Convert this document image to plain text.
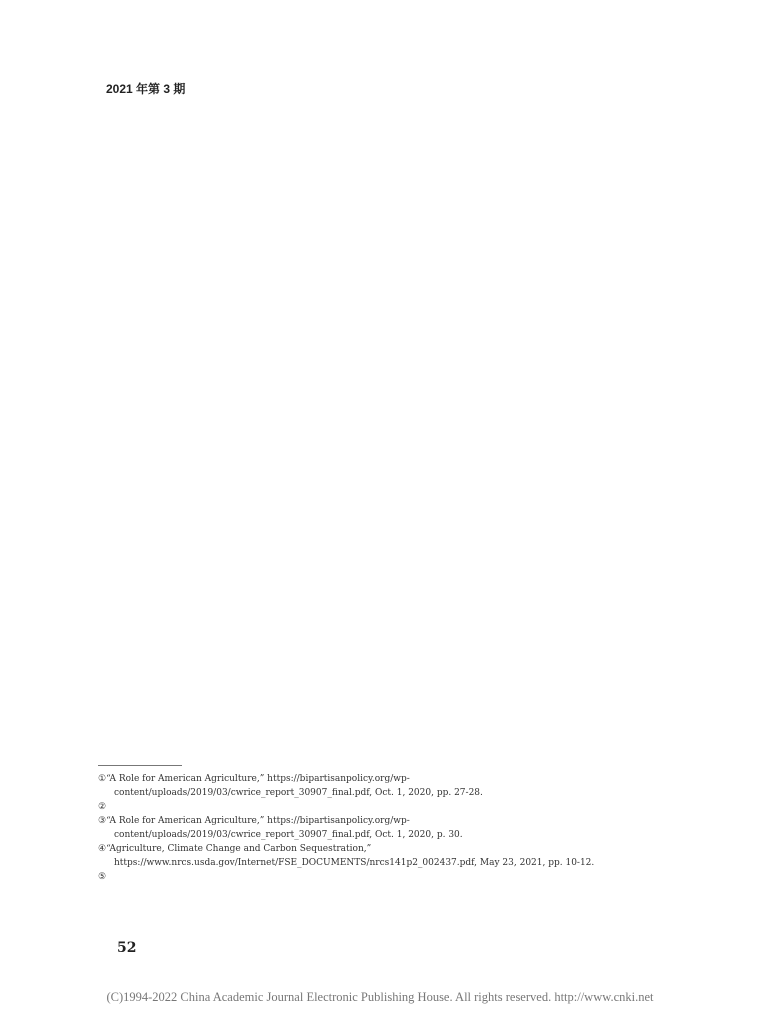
2021 年第 3 期

①“A Role for American Agriculture,” https://bipartisanpolicy.org/wp-content/uploads/2019/03/cwrice_report_30907_final.pdf, Oct. 1, 2020, pp. 27-28.

②

③“A Role for American Agriculture,” https://bipartisanpolicy.org/wp-content/uploads/2019/03/cwrice_report_30907_final.pdf, Oct. 1, 2020, p. 30.

④“Agriculture, Climate Change and Carbon Sequestration,” https://www.nrcs.usda.gov/Internet/FSE_DOCUMENTS/nrcs141p2_002437.pdf, May 23, 2021, pp. 10-12.

⑤

52
(C)1994-2022 China Academic Journal Electronic Publishing House. All rights reserved. http://www.cnki.net
